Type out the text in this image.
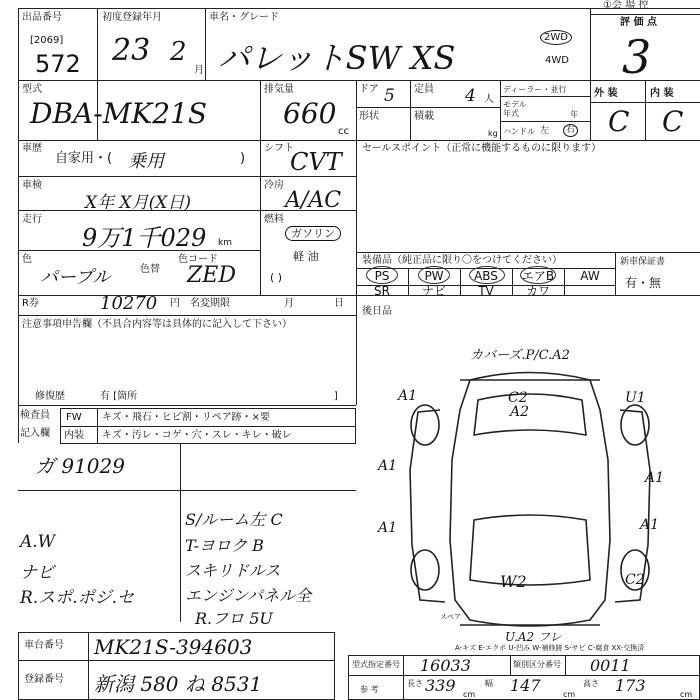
出品番号
[2069]
572
初度登録年月
23 2
月
車名・グレード
パレットSW XS
2WD
4WD
①会 場 控
評 価 点
3
型式
DBA-MK21S
排気量
660
cc
ドア 5 定員 4 人
形状	積載
kg
ディーラー・並行
モデル 年式	年
ハンドル 左	右
外 装	内 装
C C
車歴
自家用・( 乗用	)
シフト
CVT
車検
X年 X月(X日)
冷房
A/AC
走行
9万1千029 km
燃料
ガソリン
軽 油
( )
色
パープル	色替
色コード
ZED
R券	10270 円 名変期限	月	日
セールスポイント（正常に機能するものに限ります）
装備品（純正品に限り〇をつけてください）	新車保証書
有・無
PS	PW	ABS	エアB	AW
SR	ナビ	TV	カワ
後日品
注意事項申告欄（不具合内容等は具体的に記入して下さい）
修復歴	有 [箇所	]
検査員
記入欄
FW キズ・飛石・ヒビ割・リペア跡・×要
内装 キズ・汚レ・コゲ・穴・スレ・キレ・破レ
ガ 91029
A.W
ナビ
R.スポ.ポジ.セ
S/ルーム左 C
T-ヨロク B
スキリドルス
エンジンパネル全
R.フロ 5U
カバーズ.P/C.A2
A1	C2
A2
U1
A1
A1
A1	A1
W2	C2
U.A2 フレ
スペア
車台番号 MK21S-394603
登録番号 新潟 580 ね 8531
A-キズ E-エクボ U-凹み W-補修跡 S-サビ C-腐食 XX-交換済
型式指定番号 16033	類別区分番号 0011
参 考
長さ 339 cm
幅 147	cm
高さ 173	cm
